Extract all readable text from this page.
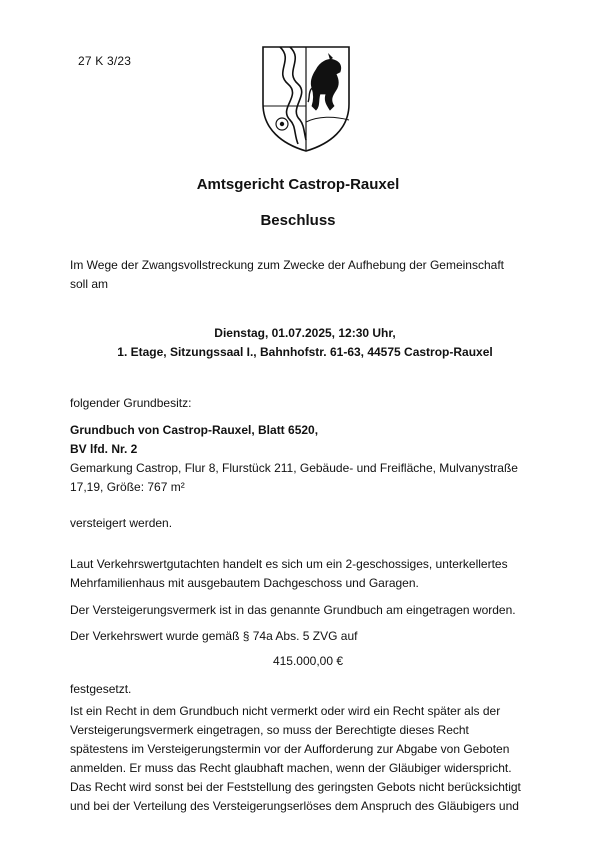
27 K 3/23
Amtsgericht Castrop-Rauxel
Beschluss

Im Wege der Zwangsvollstreckung zum Zwecke der Aufhebung der Gemeinschaft

soll am

Dienstag, 01.07.2025, 12:30 Uhr,

1. Etage, Sitzungssaal I., Bahnhofstr. 61-63, 44575 Castrop-Rauxel

folgender Grundbesitz:

Grundbuch von Castrop-Rauxel, Blatt 6520,

BV lfd. Nr. 2

Gemarkung Castrop, Flur 8, Flurstück 211, Gebäude- und Freifläche, Mulvanystraße

17,19, Größe: 767 m²

versteigert werden.

Laut Verkehrswertgutachten handelt es sich um ein 2-geschossiges, unterkellertes

Mehrfamilienhaus mit ausgebautem Dachgeschoss und Garagen.

Der Versteigerungsvermerk ist in das genannte Grundbuch am eingetragen worden.

Der Verkehrswert wurde gemäß § 74a Abs. 5 ZVG auf

415.000,00 €

festgesetzt.

Ist ein Recht in dem Grundbuch nicht vermerkt oder wird ein Recht später als der

Versteigerungsvermerk eingetragen, so muss der Berechtigte dieses Recht

spätestens im Versteigerungstermin vor der Aufforderung zur Abgabe von Geboten

anmelden. Er muss das Recht glaubhaft machen, wenn der Gläubiger widerspricht.

Das Recht wird sonst bei der Feststellung des geringsten Gebots nicht berücksichtigt

und bei der Verteilung des Versteigerungserlöses dem Anspruch des Gläubigers und
